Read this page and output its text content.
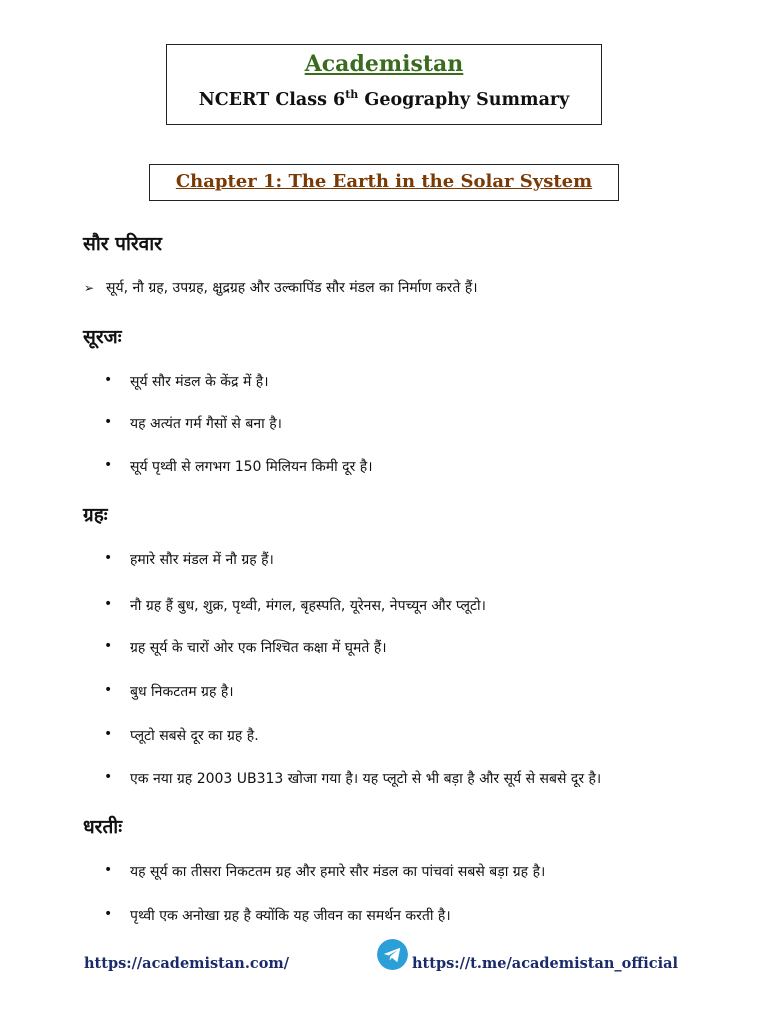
Academistan
NCERT Class 6th Geography Summary
Chapter 1: The Earth in the Solar System
सौर परिवार
➢ सूर्य, नौ ग्रह, उपग्रह, क्षुद्रग्रह और उल्कापिंड सौर मंडल का निर्माण करते हैं।
सूरजः
• सूर्य सौर मंडल के केंद्र में है।
• यह अत्यंत गर्म गैसों से बना है।
• सूर्य पृथ्वी से लगभग 150 मिलियन किमी दूर है।
ग्रहः
• हमारे सौर मंडल में नौ ग्रह हैं।
• नौ ग्रह हैं बुध, शुक्र, पृथ्वी, मंगल, बृहस्पति, यूरेनस, नेपच्यून और प्लूटो।
• ग्रह सूर्य के चारों ओर एक निश्चित कक्षा में घूमते हैं।
• बुध निकटतम ग्रह है।
• प्लूटो सबसे दूर का ग्रह है.
• एक नया ग्रह 2003 UB313 खोजा गया है। यह प्लूटो से भी बड़ा है और सूर्य से सबसे दूर है।
धरतीः
• यह सूर्य का तीसरा निकटतम ग्रह और हमारे सौर मंडल का पांचवां सबसे बड़ा ग्रह है।
• पृथ्वी एक अनोखा ग्रह है क्योंकि यह जीवन का समर्थन करती है।
https://academistan.com/	https://t.me/academistan_official
